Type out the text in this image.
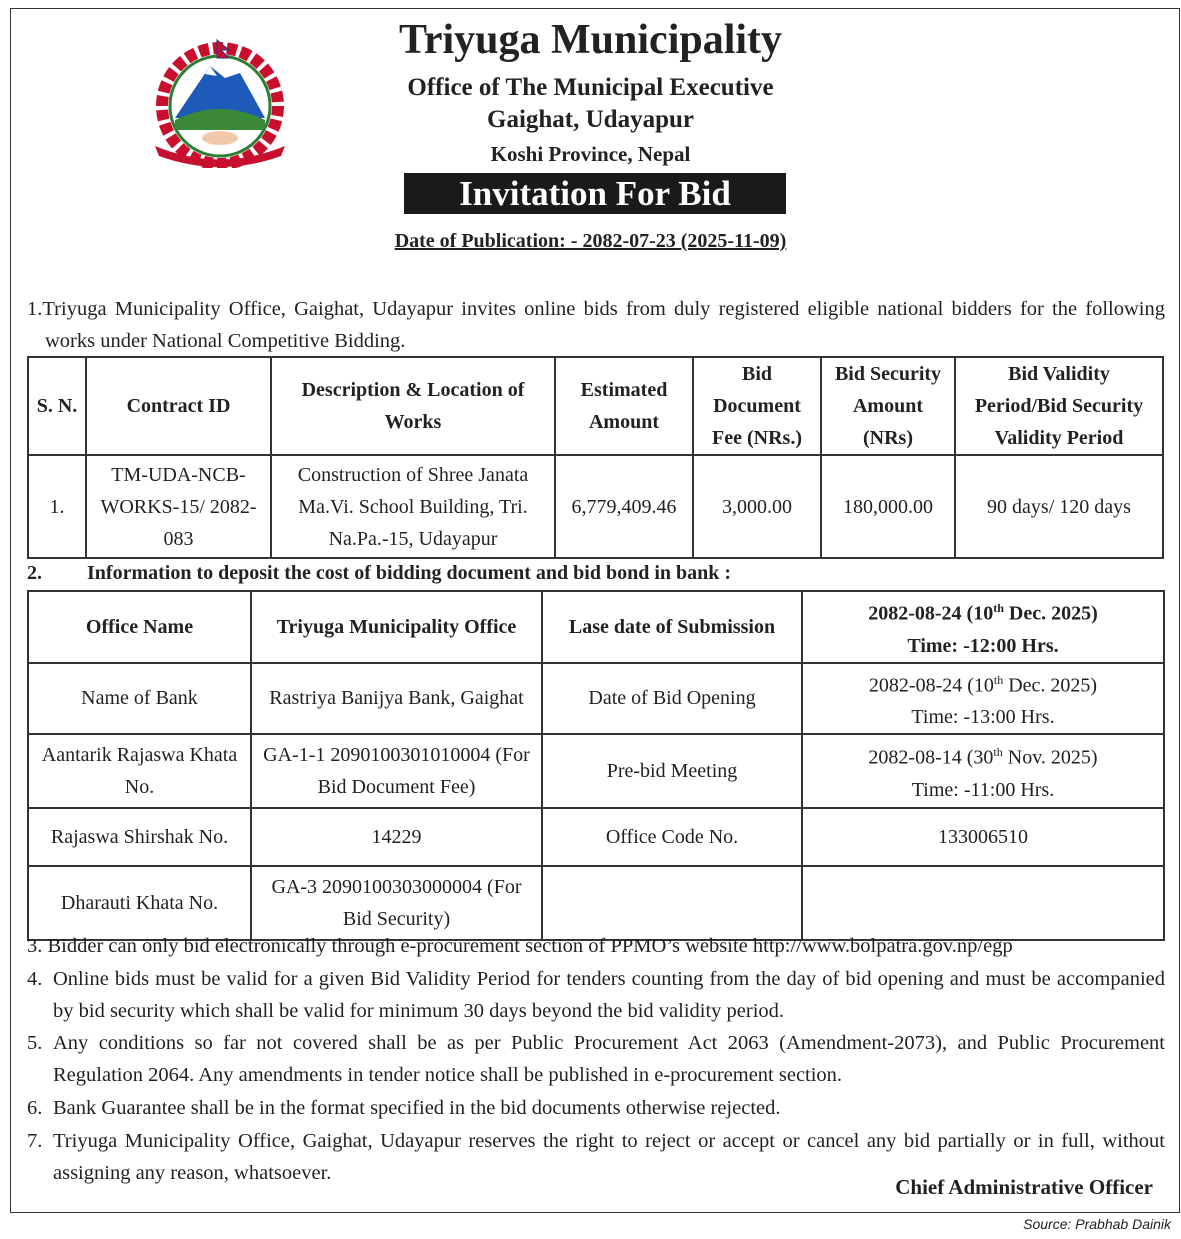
Triyuga Municipality
Office of The Municipal Executive
Gaighat, Udayapur
Koshi Province, Nepal
Invitation For Bid
Date of Publication: - 2082-07-23 (2025-11-09)
1.Triyuga Municipality Office, Gaighat, Udayapur invites online bids from duly registered eligible national bidders for the following works under National Competitive Bidding.
S. N.	Contract ID	Description & Location of Works	Estimated Amount	Bid Document Fee (NRs.)	Bid Security Amount (NRs)	Bid Validity Period/Bid Security Validity Period
1.	TM-UDA-NCB-WORKS-15/ 2082-083	Construction of Shree Janata Ma.Vi. School Building, Tri. Na.Pa.-15, Udayapur	6,779,409.46	3,000.00	180,000.00	90 days/ 120 days
2. Information to deposit the cost of bidding document and bid bond in bank :
Office Name	Triyuga Municipality Office	Lase date of Submission	2082-08-24 (10th Dec. 2025)
Time: -12:00 Hrs.
Name of Bank	Rastriya Banijya Bank, Gaighat	Date of Bid Opening	2082-08-24 (10th Dec. 2025)
Time: -13:00 Hrs.
Aantarik Rajaswa Khata No.	GA-1-1 2090100301010004 (For Bid Document Fee)	Pre-bid Meeting	2082-08-14 (30th Nov. 2025)
Time: -11:00 Hrs.
Rajaswa Shirshak No.	14229	Office Code No.	133006510
Dharauti Khata No.	GA-3 2090100303000004 (For Bid Security)		
3. Bidder can only bid electronically through e-procurement section of PPMO’s website http://www.bolpatra.gov.np/egp
4. Online bids must be valid for a given Bid Validity Period for tenders counting from the day of bid opening and must be accompanied by bid security which shall be valid for minimum 30 days beyond the bid validity period.
5. Any conditions so far not covered shall be as per Public Procurement Act 2063 (Amendment-2073), and Public Procurement Regulation 2064. Any amendments in tender notice shall be published in e-procurement section.
6. Bank Guarantee shall be in the format specified in the bid documents otherwise rejected.
7. Triyuga Municipality Office, Gaighat, Udayapur reserves the right to reject or accept or cancel any bid partially or in full, without assigning any reason, whatsoever.
Chief Administrative Officer
Source: Prabhab Dainik
